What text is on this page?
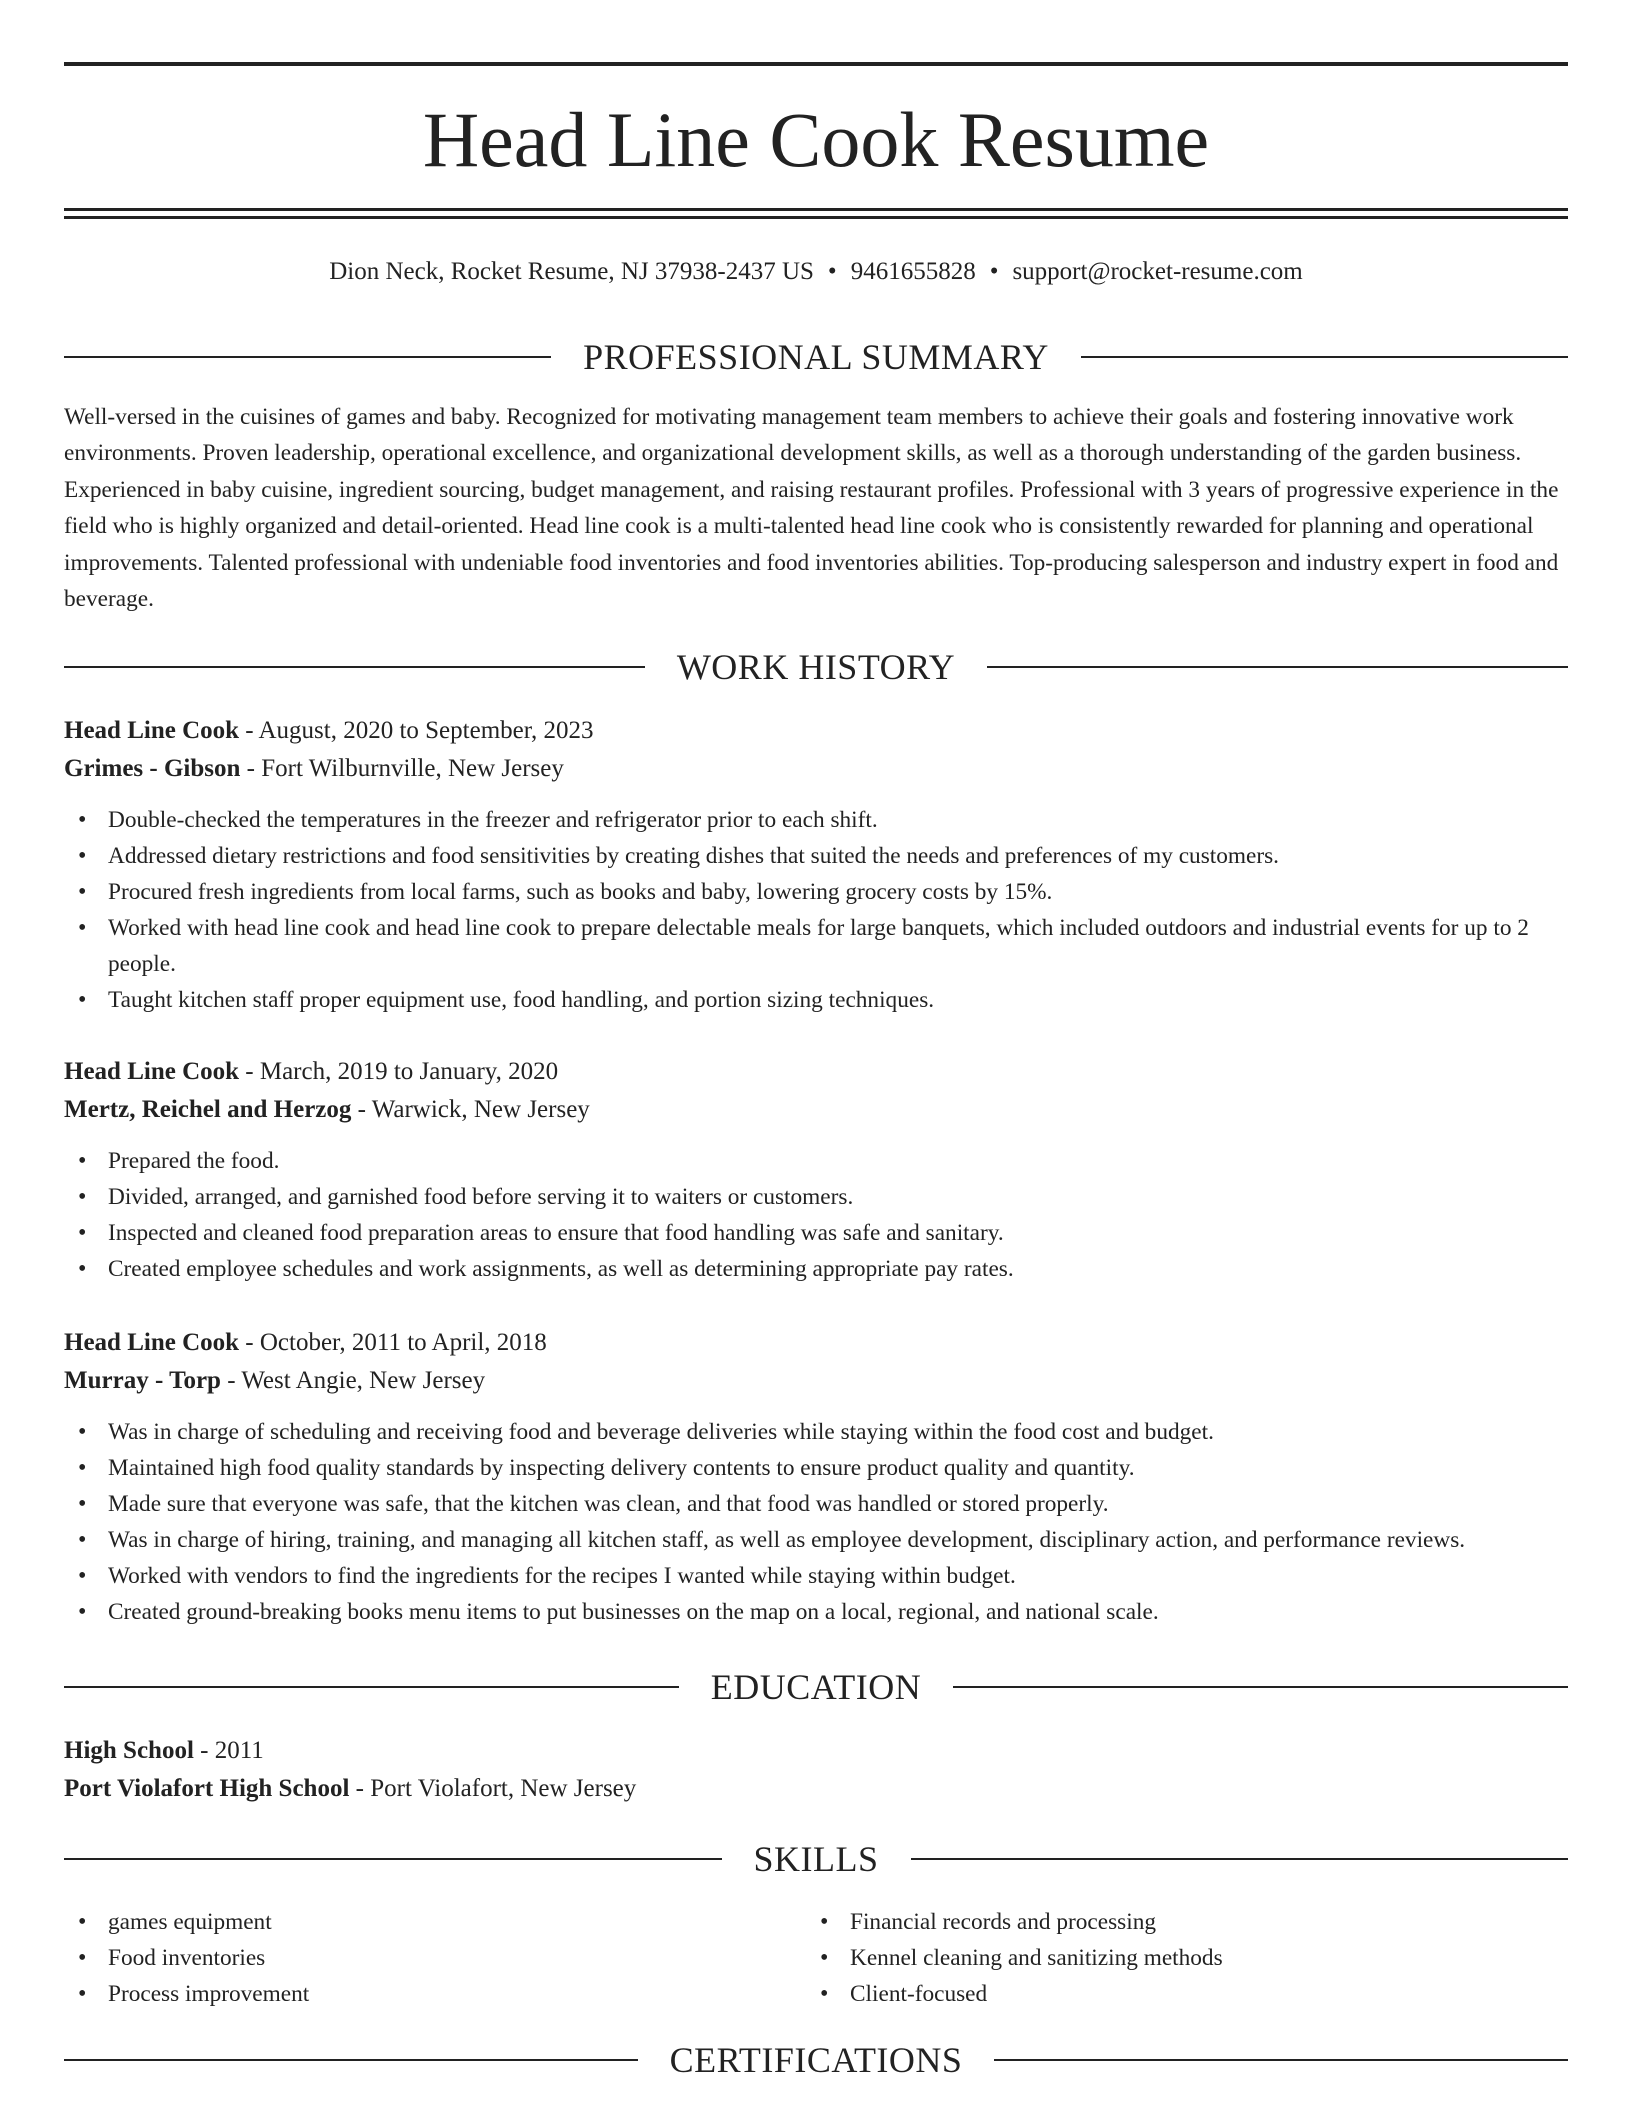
Head Line Cook Resume
Dion Neck, Rocket Resume, NJ 37938-2437 US • 9461655828 • support@rocket-resume.com
PROFESSIONAL SUMMARY

Well-versed in the cuisines of games and baby. Recognized for motivating management team members to achieve their goals and fostering innovative work environments. Proven leadership, operational excellence, and organizational development skills, as well as a thorough understanding of the garden business. Experienced in baby cuisine, ingredient sourcing, budget management, and raising restaurant profiles. Professional with 3 years of progressive experience in the field who is highly organized and detail-oriented. Head line cook is a multi-talented head line cook who is consistently rewarded for planning and operational improvements. Talented professional with undeniable food inventories and food inventories abilities. Top-producing salesperson and industry expert in food and beverage.

WORK HISTORY
Head Line Cook - August, 2020 to September, 2023
Grimes - Gibson - Fort Wilburnville, New Jersey
• Double-checked the temperatures in the freezer and refrigerator prior to each shift.
• Addressed dietary restrictions and food sensitivities by creating dishes that suited the needs and preferences of my customers.
• Procured fresh ingredients from local farms, such as books and baby, lowering grocery costs by 15%.
• Worked with head line cook and head line cook to prepare delectable meals for large banquets, which included outdoors and industrial events for up to 2 people.
• Taught kitchen staff proper equipment use, food handling, and portion sizing techniques.
Head Line Cook - March, 2019 to January, 2020
Mertz, Reichel and Herzog - Warwick, New Jersey
• Prepared the food.
• Divided, arranged, and garnished food before serving it to waiters or customers.
• Inspected and cleaned food preparation areas to ensure that food handling was safe and sanitary.
• Created employee schedules and work assignments, as well as determining appropriate pay rates.
Head Line Cook - October, 2011 to April, 2018
Murray - Torp - West Angie, New Jersey
• Was in charge of scheduling and receiving food and beverage deliveries while staying within the food cost and budget.
• Maintained high food quality standards by inspecting delivery contents to ensure product quality and quantity.
• Made sure that everyone was safe, that the kitchen was clean, and that food was handled or stored properly.
• Was in charge of hiring, training, and managing all kitchen staff, as well as employee development, disciplinary action, and performance reviews.
• Worked with vendors to find the ingredients for the recipes I wanted while staying within budget.
• Created ground-breaking books menu items to put businesses on the map on a local, regional, and national scale.
EDUCATION
High School - 2011
Port Violafort High School - Port Violafort, New Jersey
SKILLS
• games equipment
• Food inventories
• Process improvement
• Financial records and processing
• Kennel cleaning and sanitizing methods
• Client-focused
CERTIFICATIONS
